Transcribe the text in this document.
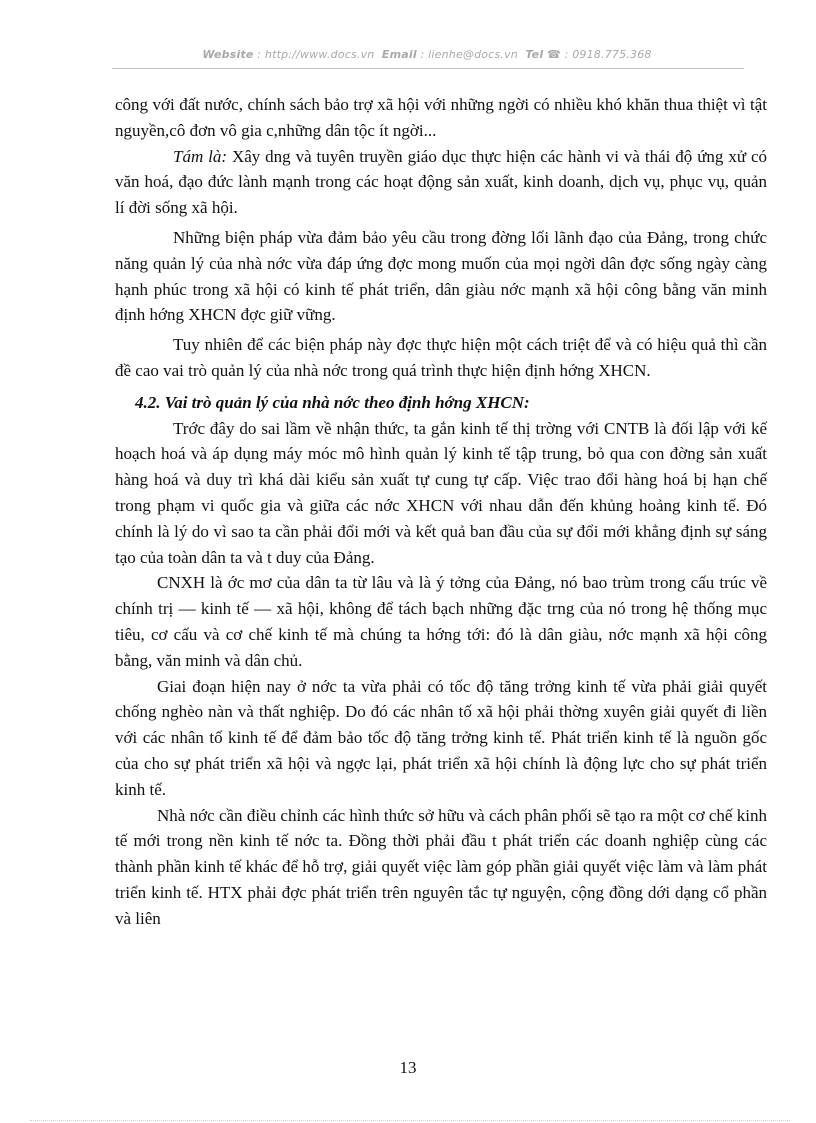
Website : http://www.docs.vn Email : lienhe@docs.vn Tel ☎ : 0918.775.368

công với đất nước, chính sách bảo trợ xã hội với những ngời có nhiều khó khăn thua thiệt vì tật nguyền,cô đơn vô gia c,những dân tộc ít ngời...

Tám là: Xây dng và tuyên truyền giáo dục thực hiện các hành vi và thái độ ứng xử có văn hoá, đạo đức lành mạnh trong các hoạt động sản xuất, kinh doanh, dịch vụ, phục vụ, quản lí đời sống xã hội.

Những biện pháp vừa đảm bảo yêu cầu trong đờng lối lãnh đạo của Đảng, trong chức năng quản lý của nhà nớc vừa đáp ứng đợc mong muốn của mọi ngời dân đợc sống ngày càng hạnh phúc trong xã hội có kinh tế phát triển, dân giàu nớc mạnh xã hội công bằng văn minh định hớng XHCN đợc giữ vững.

Tuy nhiên để các biện pháp này đợc thực hiện một cách triệt để và có hiệu quả thì cần đề cao vai trò quản lý của nhà nớc trong quá trình thực hiện định hớng XHCN.

4.2. Vai trò quản lý của nhà nớc theo định hớng XHCN:

Trớc đây do sai lầm về nhận thức, ta gắn kinh tế thị trờng với CNTB là đối lập với kế hoạch hoá và áp dụng máy móc mô hình quản lý kinh tế tập trung, bỏ qua con đờng sản xuất hàng hoá và duy trì khá dài kiểu sản xuất tự cung tự cấp. Việc trao đổi hàng hoá bị hạn chế trong phạm vi quốc gia và giữa các nớc XHCN với nhau dẫn đến khủng hoảng kinh tế. Đó chính là lý do vì sao ta cần phải đổi mới và kết quả ban đầu của sự đổi mới khẳng định sự sáng tạo của toàn dân ta và t duy của Đảng.

CNXH là ớc mơ của dân ta từ lâu và là ý tởng của Đảng, nó bao trùm trong cấu trúc về chính trị — kinh tế — xã hội, không để tách bạch những đặc trng của nó trong hệ thống mục tiêu, cơ cấu và cơ chế kinh tế mà chúng ta hớng tới: đó là dân giàu, nớc mạnh xã hội công bằng, văn minh và dân chủ.

Giai đoạn hiện nay ở nớc ta vừa phải có tốc độ tăng trởng kinh tế vừa phải giải quyết chống nghèo nàn và thất nghiệp. Do đó các nhân tố xã hội phải thờng xuyên giải quyết đi liền với các nhân tố kinh tế để đảm bảo tốc độ tăng trởng kinh tế. Phát triển kinh tế là nguồn gốc của cho sự phát triển xã hội và ngợc lại, phát triển xã hội chính là động lực cho sự phát triển kinh tế.

Nhà nớc cần điều chỉnh các hình thức sở hữu và cách phân phối sẽ tạo ra một cơ chế kinh tế mới trong nền kinh tế nớc ta. Đồng thời phải đầu t phát triển các doanh nghiệp cùng các thành phần kinh tế khác để hỗ trợ, giải quyết việc làm góp phần giải quyết việc làm và làm phát triển kinh tế. HTX phải đợc phát triển trên nguyên tắc tự nguyện, cộng đồng dới dạng cổ phần và liên

13
